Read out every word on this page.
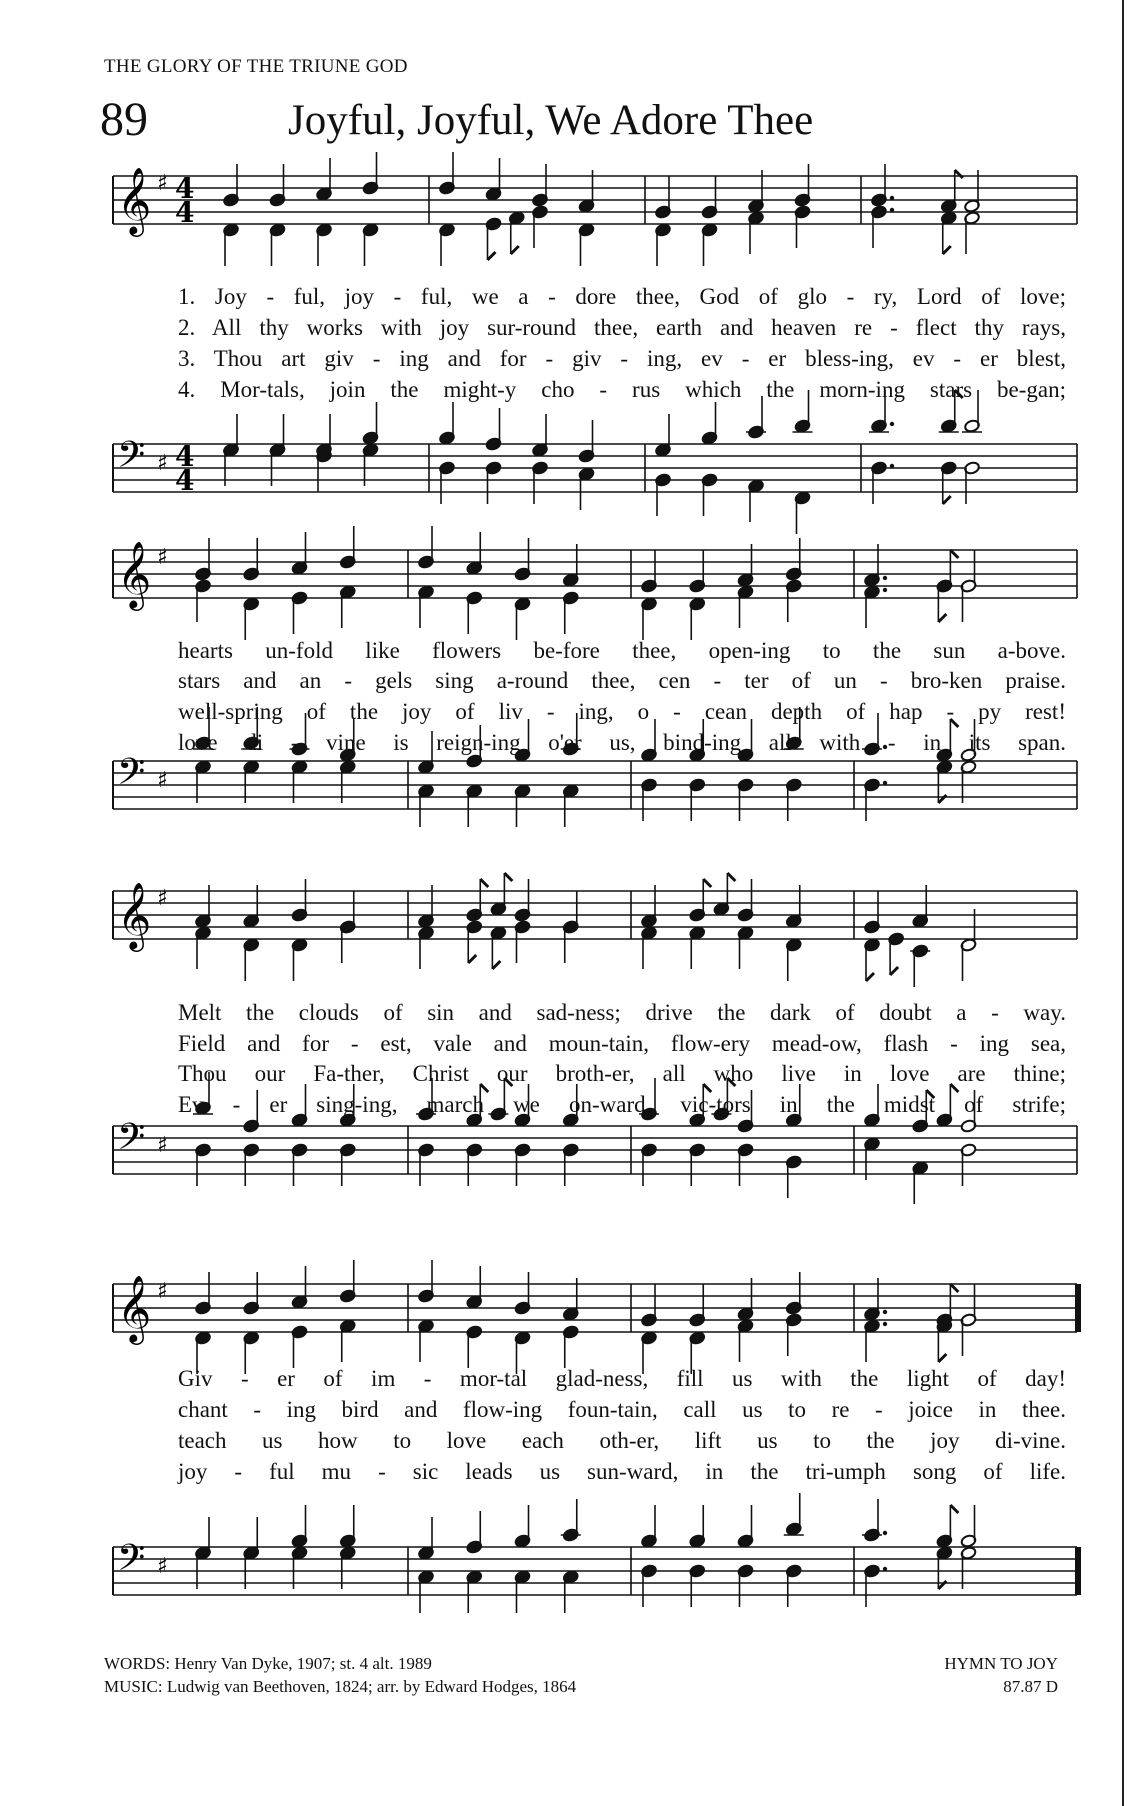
𝄞 ♯ 4
4
𝄢 ♯ 4
4
𝄞 ♯
𝄢 ♯
𝄞 ♯
𝄢 ♯
𝄞 ♯
𝄢 ♯
THE GLORY OF THE TRIUNE GOD
89	Joyful, Joyful, We Adore Thee
1. Joy - ful, joy - ful, we a - dore thee, God of glo - ry, Lord of love;
2. All thy works with joy sur-round thee, earth and heaven re - flect thy rays,
3. Thou art giv - ing and for - giv - ing, ev - er bless-ing, ev - er blest,
4. Mor-tals, join the might-y cho - rus which the morn-ing stars be-gan;
hearts un-fold like flowers be-fore thee, open-ing to the sun a-bove.
stars and an - gels sing a-round thee, cen - ter of un - bro-ken praise.
well-spring of the joy of liv - ing, o - cean depth of hap - py rest!
love di - vine is reign-ing o'er us, bind-ing all with - in its span.
Melt the clouds of sin and sad-ness; drive the dark of doubt a - way.
Field and for - est, vale and moun-tain, flow-ery mead-ow, flash - ing sea,
Thou our Fa-ther, Christ our broth-er, all who live in love are thine;
Ev - er sing-ing, march we on-ward, vic-tors in the midst of strife;
Giv - er of im - mor-tal glad-ness, fill us with the light of day!
chant - ing bird and flow-ing foun-tain, call us to re - joice in thee.
teach us how to love each oth-er, lift us to the joy di-vine.
joy - ful mu - sic leads us sun-ward, in the tri-umph song of life.
WORDS: Henry Van Dyke, 1907; st. 4 alt. 1989
MUSIC: Ludwig van Beethoven, 1824; arr. by Edward Hodges, 1864
HYMN TO JOY
87.87 D
